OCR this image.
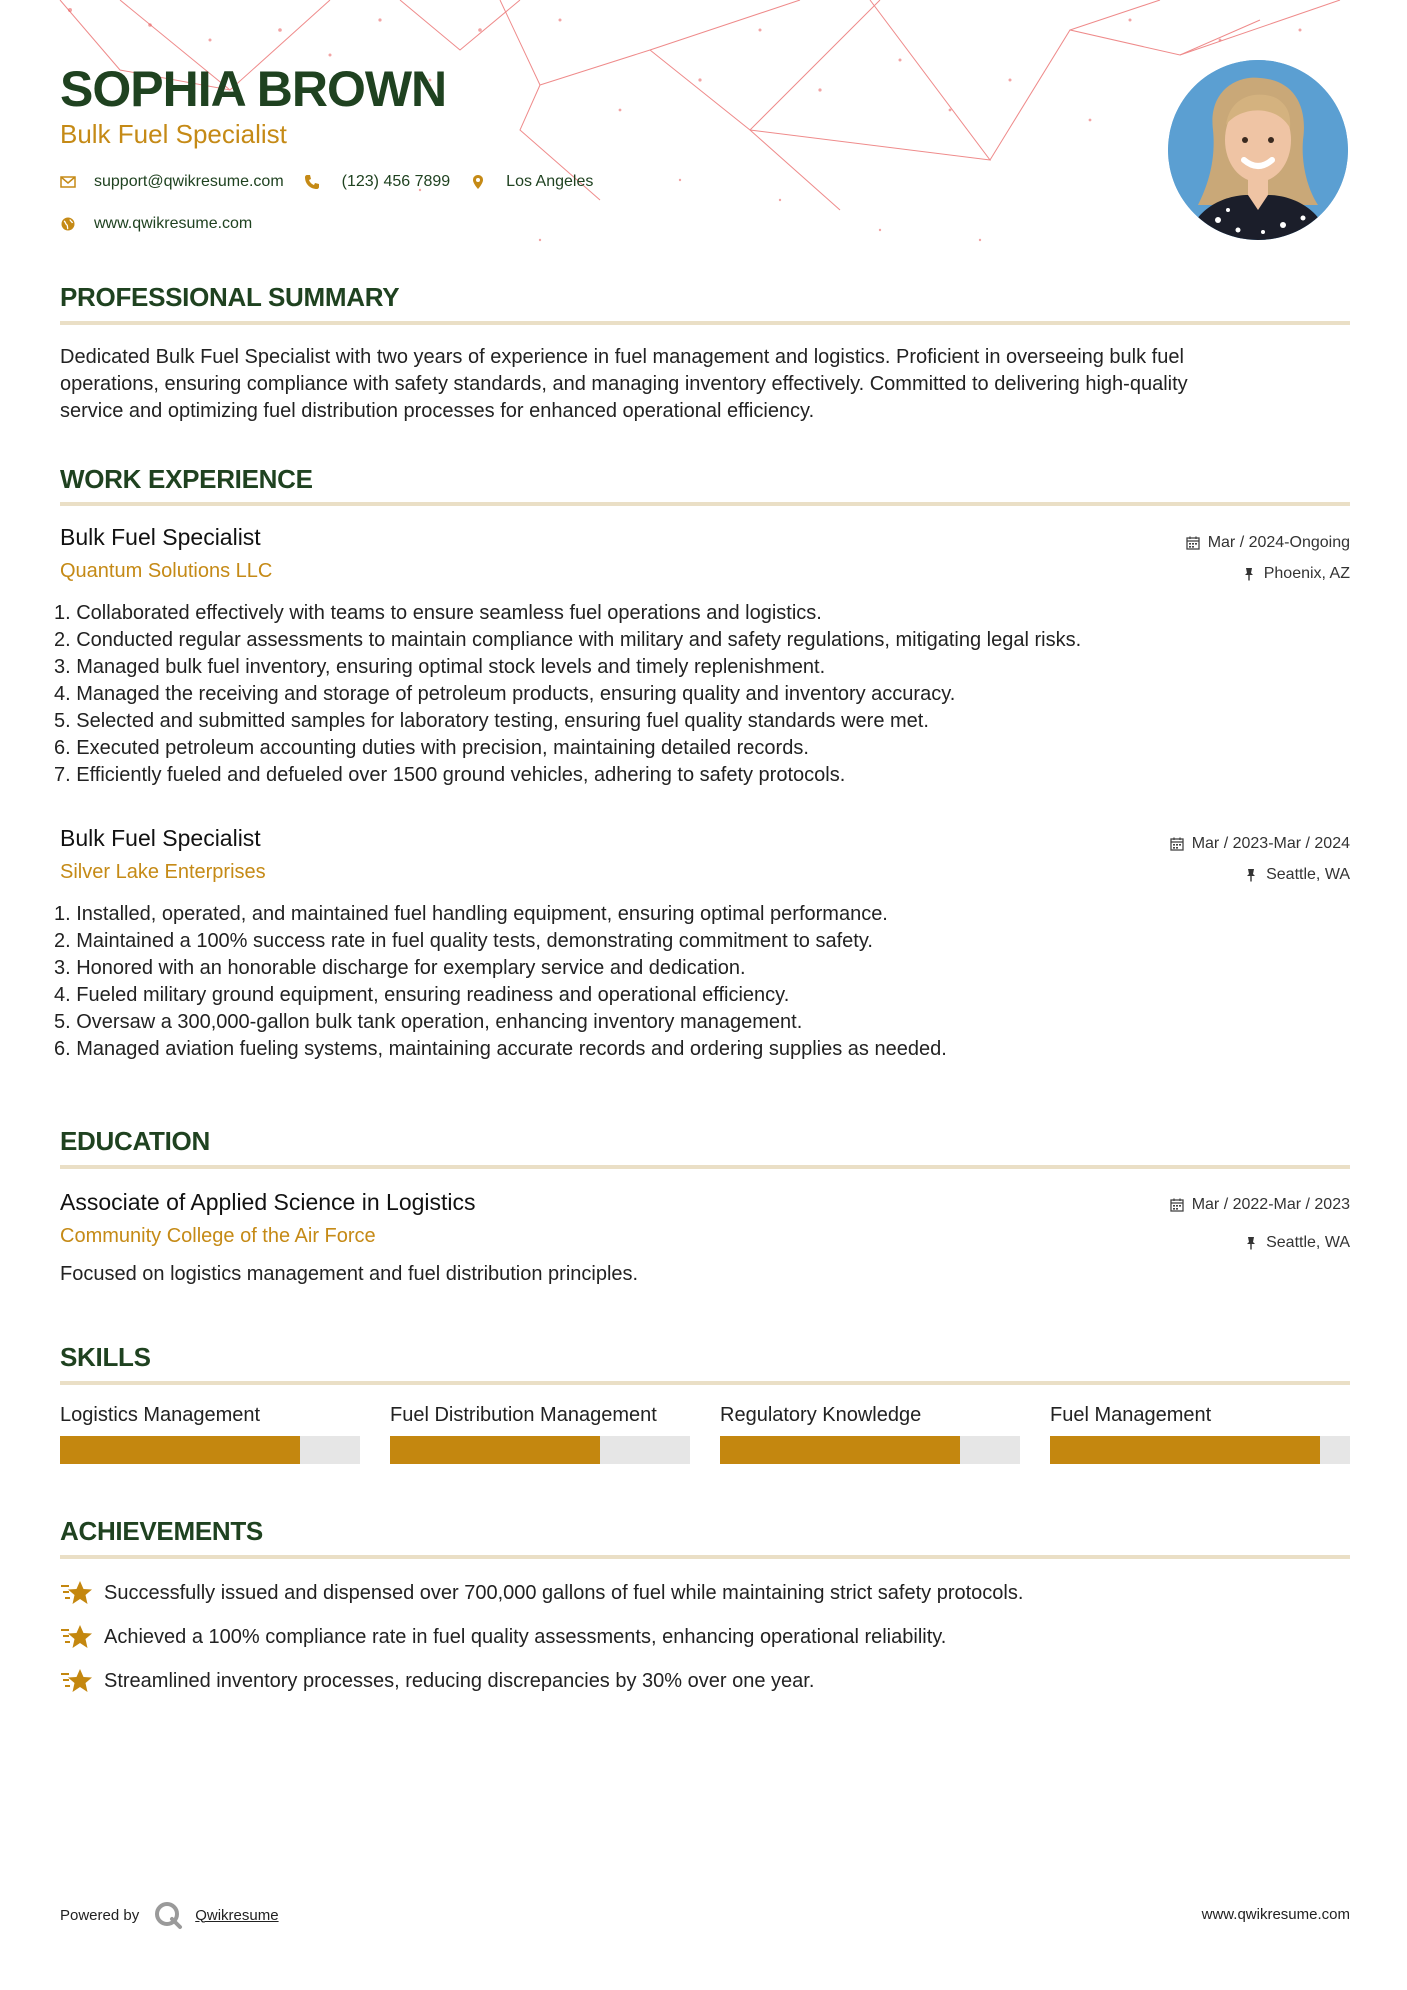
SOPHIA BROWN
Bulk Fuel Specialist
support@qwikresume.com	(123) 456 7899	Los Angeles
www.qwikresume.com
PROFESSIONAL SUMMARY
Dedicated Bulk Fuel Specialist with two years of experience in fuel management and logistics. Proficient in overseeing bulk fuel
operations, ensuring compliance with safety standards, and managing inventory effectively. Committed to delivering high-quality
service and optimizing fuel distribution processes for enhanced operational efficiency.
WORK EXPERIENCE
Bulk Fuel Specialist
Quantum Solutions LLC
Mar / 2024-Ongoing
Phoenix, AZ
1. Collaborated effectively with teams to ensure seamless fuel operations and logistics.
2. Conducted regular assessments to maintain compliance with military and safety regulations, mitigating legal risks.
3. Managed bulk fuel inventory, ensuring optimal stock levels and timely replenishment.
4. Managed the receiving and storage of petroleum products, ensuring quality and inventory accuracy.
5. Selected and submitted samples for laboratory testing, ensuring fuel quality standards were met.
6. Executed petroleum accounting duties with precision, maintaining detailed records.
7. Efficiently fueled and defueled over 1500 ground vehicles, adhering to safety protocols.
Bulk Fuel Specialist
Silver Lake Enterprises
Mar / 2023-Mar / 2024
Seattle, WA
1. Installed, operated, and maintained fuel handling equipment, ensuring optimal performance.
2. Maintained a 100% success rate in fuel quality tests, demonstrating commitment to safety.
3. Honored with an honorable discharge for exemplary service and dedication.
4. Fueled military ground equipment, ensuring readiness and operational efficiency.
5. Oversaw a 300,000-gallon bulk tank operation, enhancing inventory management.
6. Managed aviation fueling systems, maintaining accurate records and ordering supplies as needed.
EDUCATION
Associate of Applied Science in Logistics
Community College of the Air Force
Mar / 2022-Mar / 2023
Seattle, WA
Focused on logistics management and fuel distribution principles.
SKILLS
Logistics Management	Fuel Distribution Management	Regulatory Knowledge	Fuel Management
ACHIEVEMENTS
Successfully issued and dispensed over 700,000 gallons of fuel while maintaining strict safety protocols.
Achieved a 100% compliance rate in fuel quality assessments, enhancing operational reliability.
Streamlined inventory processes, reducing discrepancies by 30% over one year.
Powered by	Qwikresume	www.qwikresume.com
